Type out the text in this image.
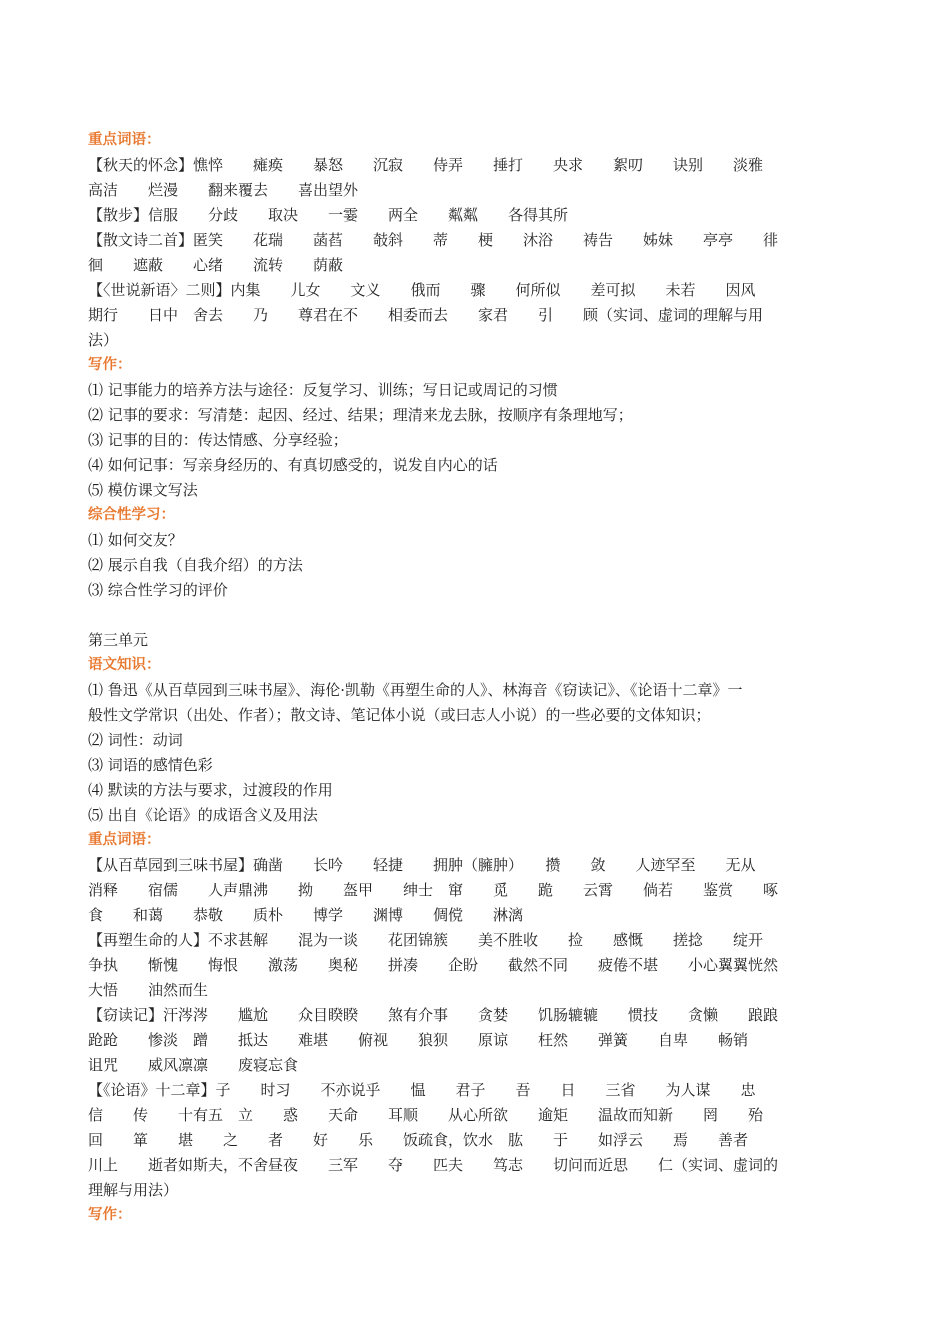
重点词语：
【秋天的怀念】憔悴　　瘫痪　　暴怒　　沉寂　　侍弄　　捶打　　央求　　絮叨　　诀别　　淡雅
高洁　　烂漫　　翻来覆去　　喜出望外
【散步】信服　　分歧　　取决　　一霎　　两全　　粼粼　　各得其所
【散文诗二首】匿笑　　花瑞　　菡萏　　攲斜　　蒂　　梗　　沐浴　　祷告　　姊妹　　亭亭　　徘
徊　　遮蔽　　心绪　　流转　　荫蔽
【〈世说新语〉二则】内集　　儿女　　文义　　俄而　　骤　　何所似　　差可拟　　未若　　因风
期行　　日中　舍去　　乃　　尊君在不　　相委而去　　家君　　引　　顾（实词、虚词的理解与用
法）
写作：
⑴ 记事能力的培养方法与途径：反复学习、训练；写日记或周记的习惯
⑵ 记事的要求：写清楚：起因、经过、结果；理清来龙去脉，按顺序有条理地写；
⑶ 记事的目的：传达情感、分享经验；
⑷ 如何记事：写亲身经历的、有真切感受的，说发自内心的话
⑸ 模仿课文写法
综合性学习：
⑴ 如何交友？
⑵ 展示自我（自我介绍）的方法
⑶ 综合性学习的评价
第三单元
语文知识：
⑴ 鲁迅《从百草园到三味书屋》、海伦·凯勒《再塑生命的人》、林海音《窃读记》、《论语十二章》一
般性文学常识（出处、作者）；散文诗、笔记体小说（或曰志人小说）的一些必要的文体知识；
⑵ 词性：动词
⑶ 词语的感情色彩
⑷ 默读的方法与要求，过渡段的作用
⑸ 出自《论语》的成语含义及用法
重点词语：
【从百草园到三味书屋】确凿　　长吟　　轻捷　　拥肿（臃肿）　　攒　　敛　　人迹罕至　　无从
消释　　宿儒　　人声鼎沸　　拗　　盔甲　　绅士　窜　　觅　　跪　　云霄　　倘若　　鉴赏　　啄
食　　和蔼　　恭敬　　质朴　　博学　　渊博　　倜傥　　淋漓
【再塑生命的人】不求甚解　　混为一谈　　花团锦簇　　美不胜收　　捡　　感慨　　搓捻　　绽开
争执　　惭愧　　悔恨　　激荡　　奥秘　　拼凑　　企盼　　截然不同　　疲倦不堪　　小心翼翼恍然
大悟　　油然而生
【窃读记】汗涔涔　　尴尬　　众目睽睽　　煞有介事　　贪婪　　饥肠辘辘　　惯技　　贪懒　　踉踉
跄跄　　惨淡　蹭　　抵达　　难堪　　俯视　　狼狈　　原谅　　枉然　　弹簧　　自卑　　畅销
诅咒　　威风凛凛　　废寝忘食
【《论语》十二章】子　　时习　　不亦说乎　　愠　　君子　　吾　　日　　三省　　为人谋　　忠
信　　传　　十有五　立　　惑　　天命　　耳顺　　从心所欲　　逾矩　　温故而知新　　罔　　殆
回　　箪　　堪　　之　　者　　好　　乐　　饭疏食，饮水　肱　　于　　如浮云　　焉　　善者
川上　　逝者如斯夫，不舍昼夜　　三军　　夺　　匹夫　　笃志　　切问而近思　　仁（实词、虚词的
理解与用法）
写作：
